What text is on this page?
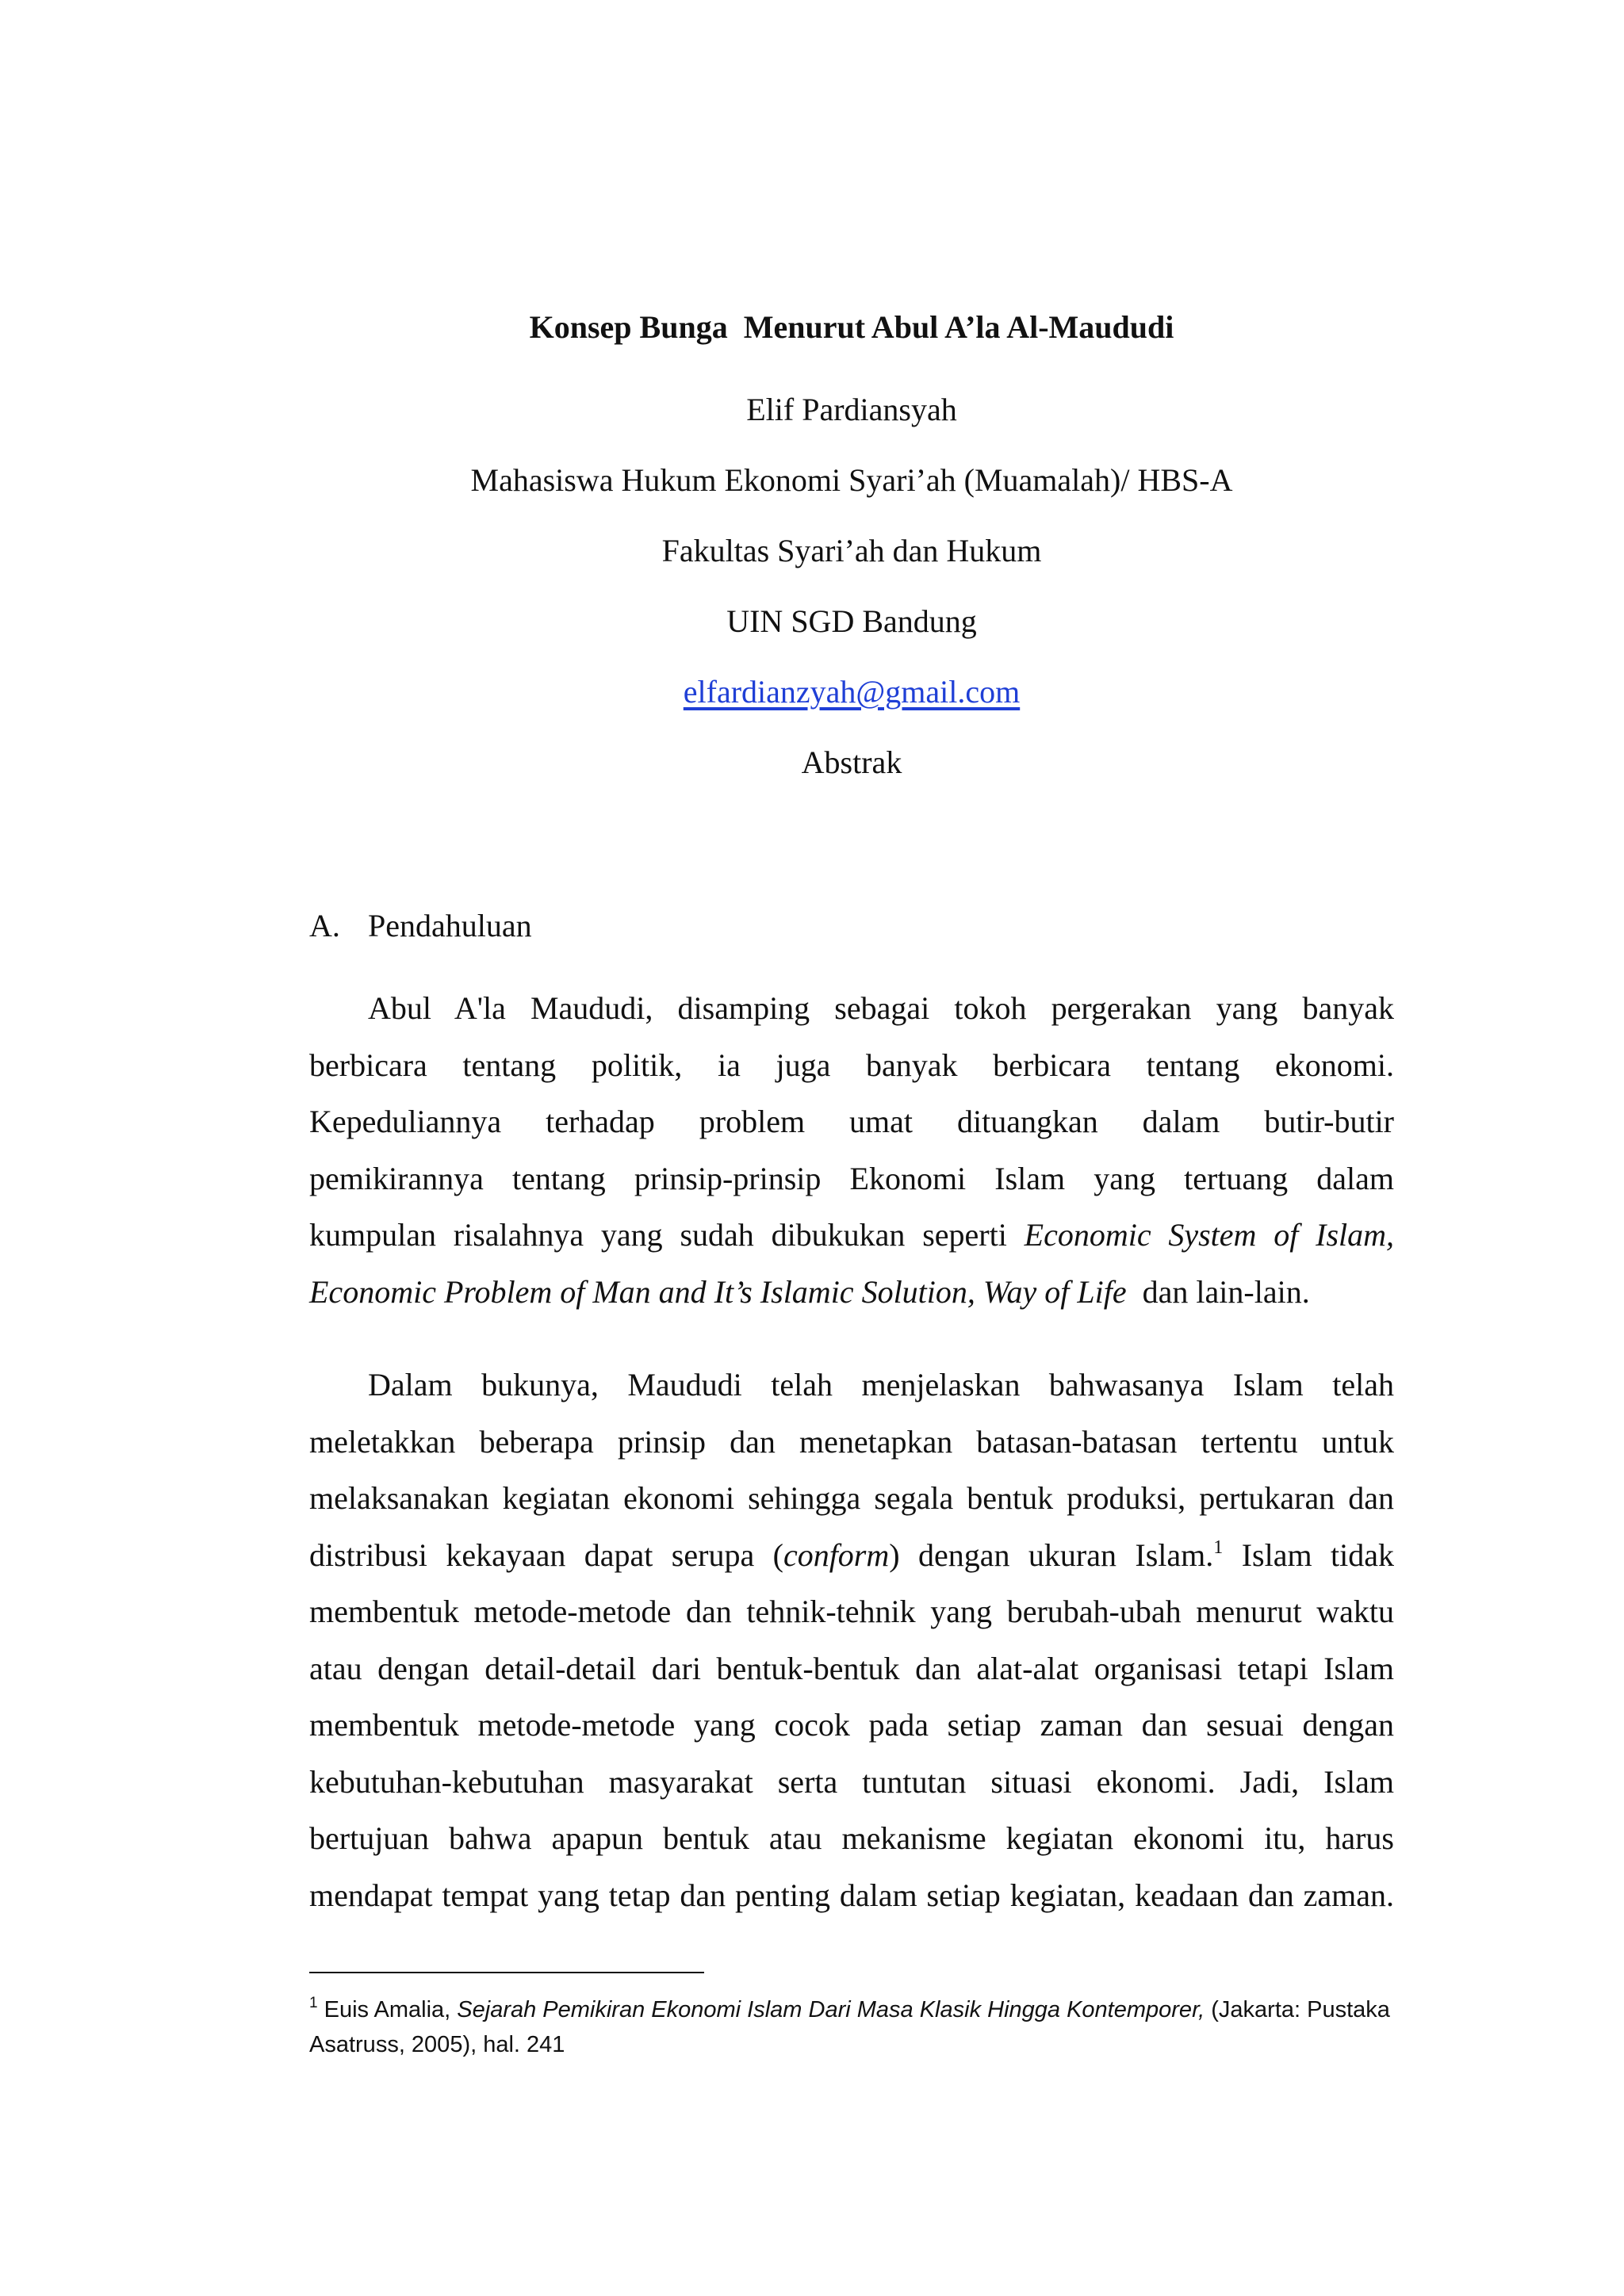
Konsep Bunga  Menurut Abul A’la Al-Maududi
Elif Pardiansyah
Mahasiswa Hukum Ekonomi Syari’ah (Muamalah)/ HBS-A
Fakultas Syari’ah dan Hukum
UIN SGD Bandung
elfardianzyah@gmail.com
Abstrak
A. Pendahuluan
Abul A'la Maududi, disamping sebagai tokoh pergerakan yang banyak
berbicara tentang politik, ia juga banyak berbicara tentang ekonomi.
Kepeduliannya terhadap problem umat dituangkan dalam butir-butir
pemikirannya tentang prinsip-prinsip Ekonomi Islam yang tertuang dalam
kumpulan risalahnya yang sudah dibukukan seperti Economic System of Islam,
Economic Problem of Man and It’s Islamic Solution, Way of Life dan lain-lain.
Dalam bukunya, Maududi telah menjelaskan bahwasanya Islam telah
meletakkan beberapa prinsip dan menetapkan batasan-batasan tertentu untuk
melaksanakan kegiatan ekonomi sehingga segala bentuk produksi, pertukaran dan
distribusi kekayaan dapat serupa (conform) dengan ukuran Islam.$^1$ Islam tidak
membentuk metode-metode dan tehnik-tehnik yang berubah-ubah menurut waktu
atau dengan detail-detail dari bentuk-bentuk dan alat-alat organisasi tetapi Islam
membentuk metode-metode yang cocok pada setiap zaman dan sesuai dengan
kebutuhan-kebutuhan masyarakat serta tuntutan situasi ekonomi. Jadi, Islam
bertujuan bahwa apapun bentuk atau mekanisme kegiatan ekonomi itu, harus
mendapat tempat yang tetap dan penting dalam setiap kegiatan, keadaan dan zaman.
$^1$ Euis Amalia, Sejarah Pemikiran Ekonomi Islam Dari Masa Klasik Hingga Kontemporer, (Jakarta: Pustaka Asatruss, 2005), hal. 241
